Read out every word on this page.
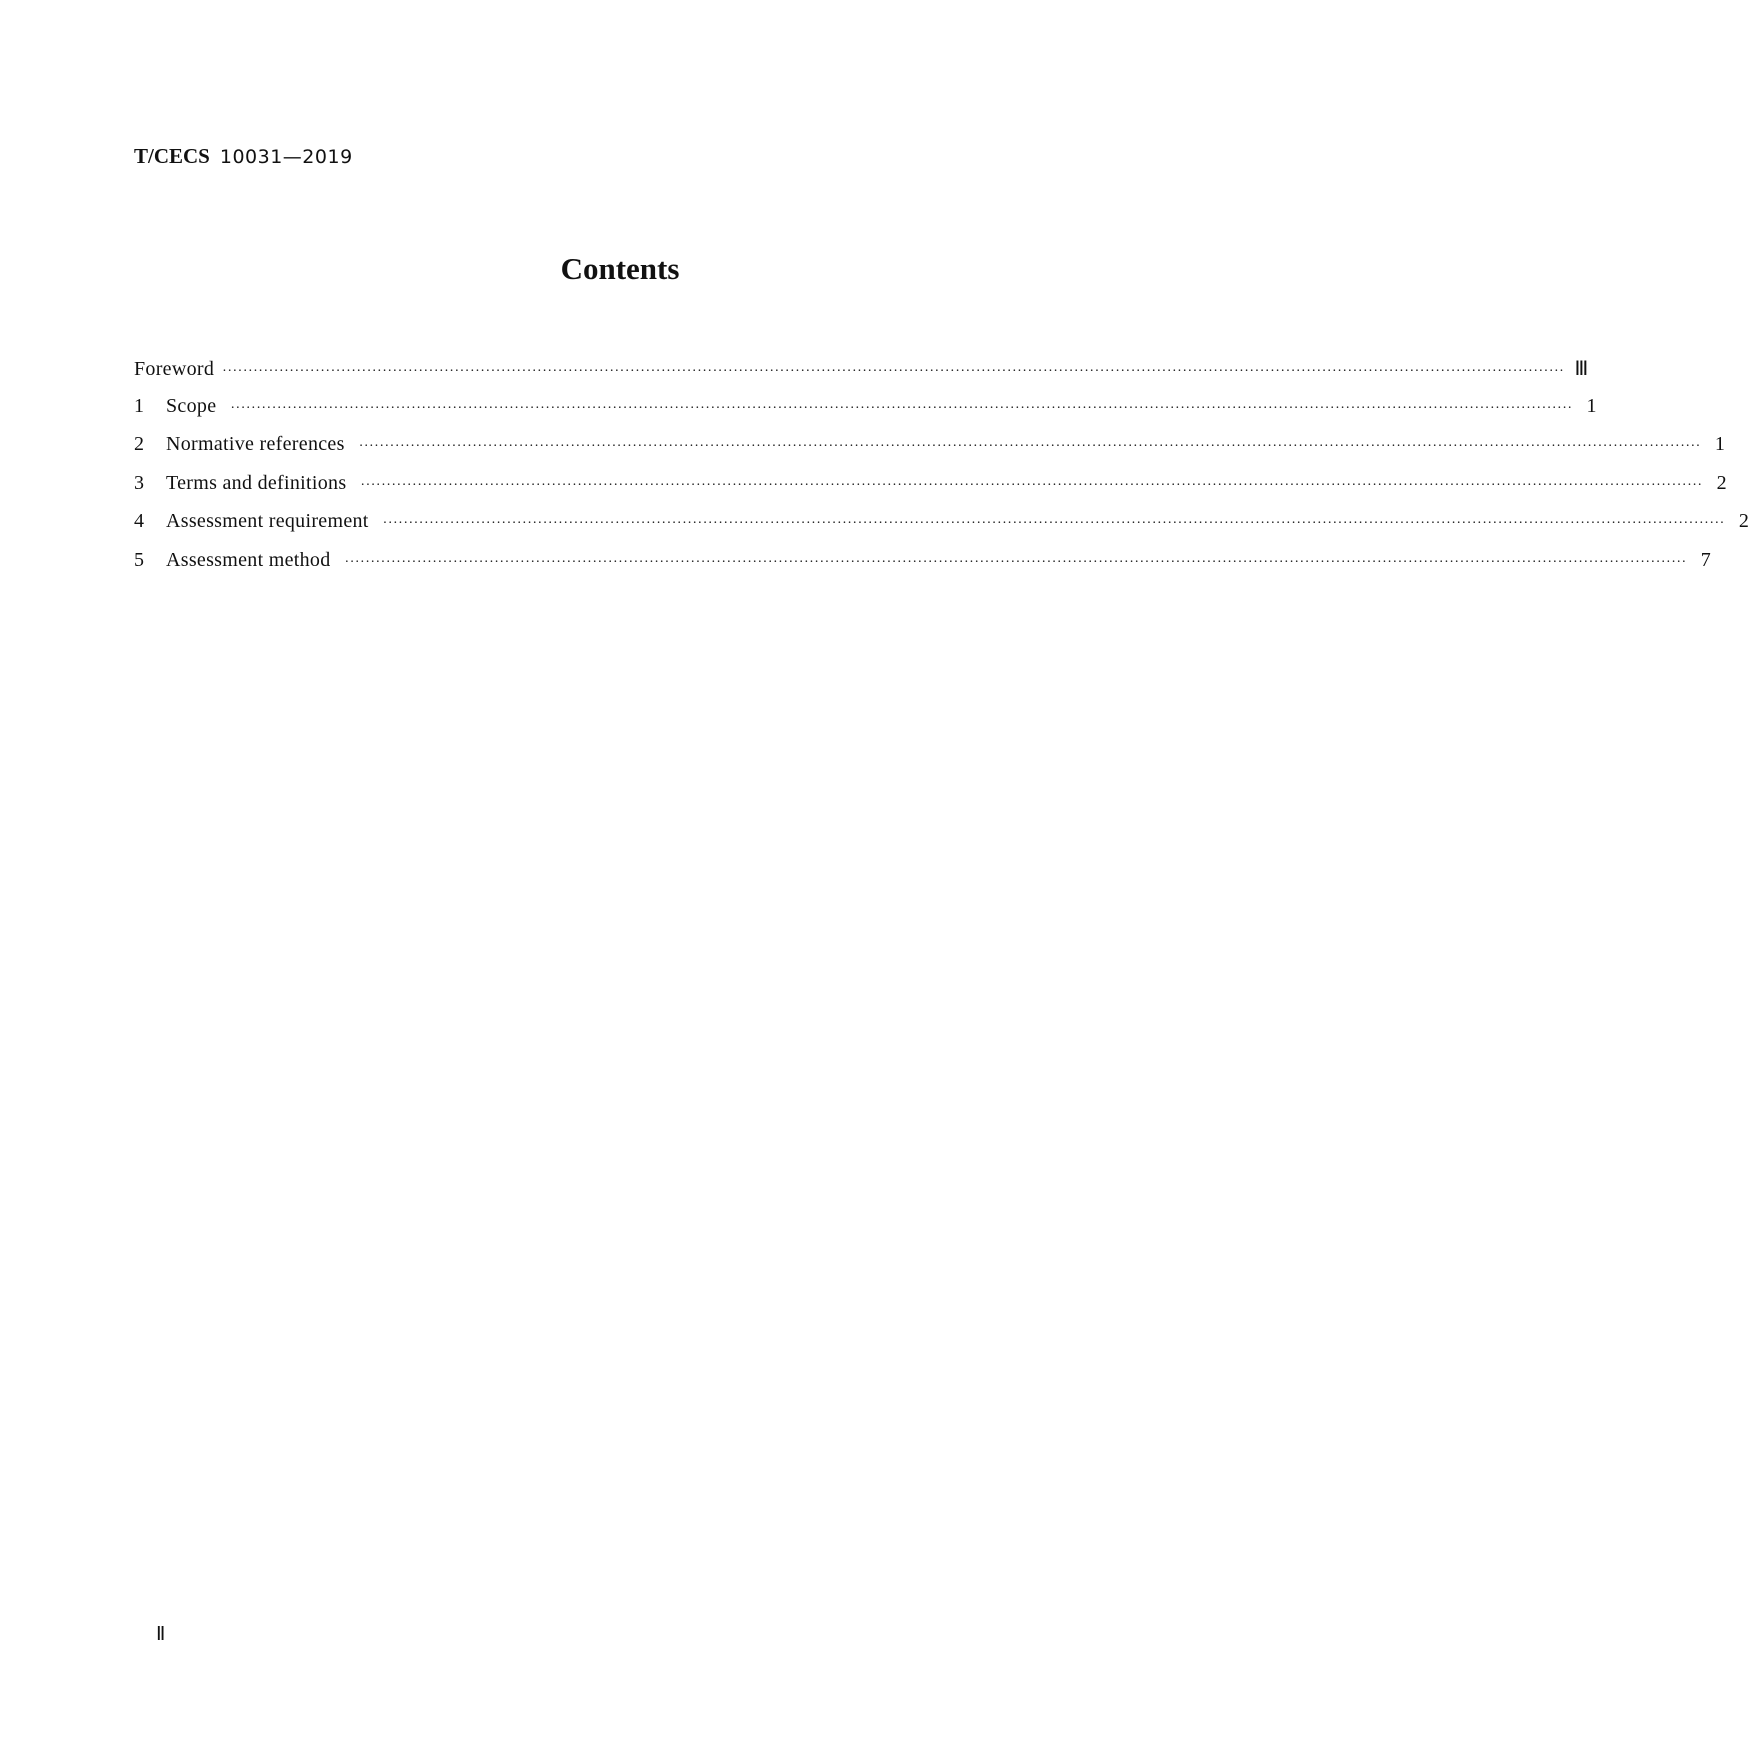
T/CECS 10031—2019
Contents
Foreword ···································································································································································································································································· Ⅲ
1	Scope ···································································································································································································································································· 1
2	Normative references ···································································································································································································································································· 1
3	Terms and definitions ···································································································································································································································································· 2
4	Assessment requirement ···································································································································································································································································· 2
5	Assessment method ···································································································································································································································································· 7
Ⅱ
